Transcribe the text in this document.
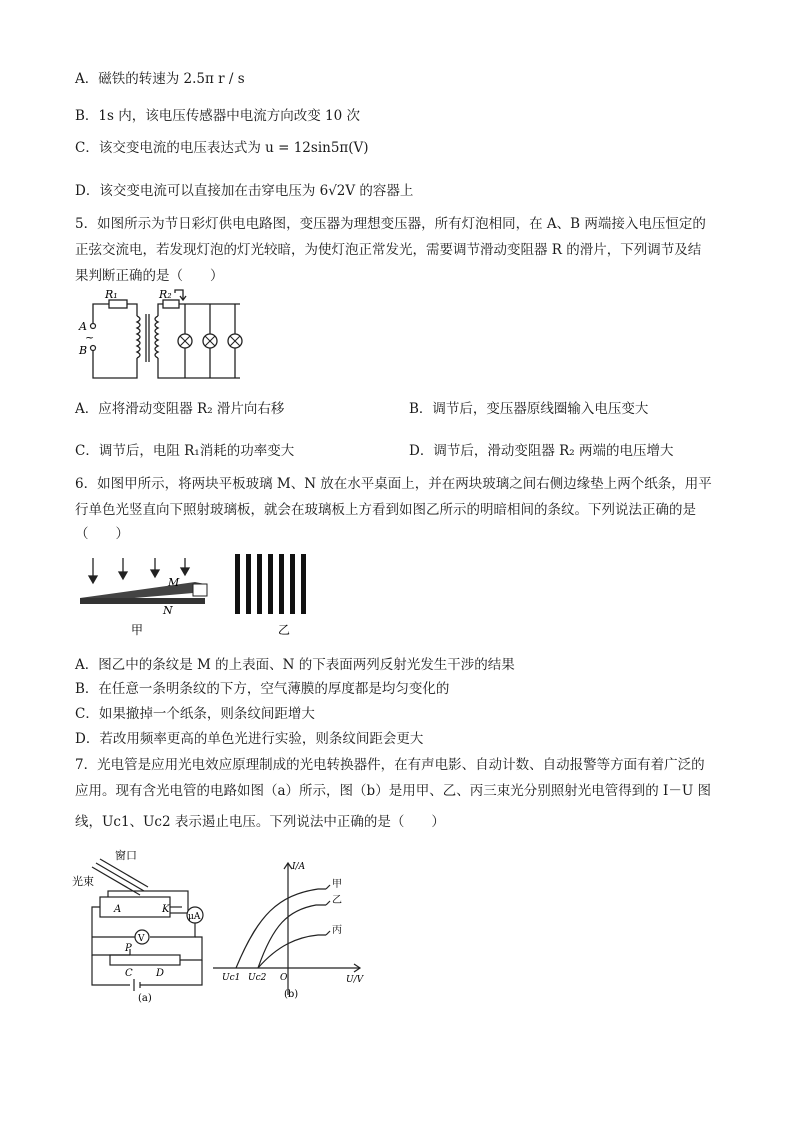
A．磁铁的转速为 2.5π r / s
B．1s 内，该电压传感器中电流方向改变 10 次
C．该交变电流的电压表达式为 u = 12sin5π(V)
D．该交变电流可以直接加在击穿电压为 6√2V 的容器上
5．如图所示为节日彩灯供电电路图，变压器为理想变压器，所有灯泡相同，在 A、B 两端接入电压恒定的
正弦交流电，若发现灯泡的灯光较暗，为使灯泡正常发光，需要调节滑动变阻器 R 的滑片，下列调节及结
果判断正确的是（　　）
R₁	R₂
A
~
B
A．应将滑动变阻器 R₂ 滑片向右移	B．调节后，变压器原线圈输入电压变大
C．调节后，电阻 R₁消耗的功率变大	D．调节后，滑动变阻器 R₂ 两端的电压增大
6．如图甲所示，将两块平板玻璃 M、N 放在水平桌面上，并在两块玻璃之间右侧边缘垫上两个纸条，用平
行单色光竖直向下照射玻璃板，就会在玻璃板上方看到如图乙所示的明暗相间的条纹。下列说法正确的是
（　　）
M
N
甲	乙
A．图乙中的条纹是 M 的上表面、N 的下表面两列反射光发生干涉的结果
B．在任意一条明条纹的下方，空气薄膜的厚度都是均匀变化的
C．如果撤掉一个纸条，则条纹间距增大
D．若改用频率更高的单色光进行实验，则条纹间距会更大
7．光电管是应用光电效应原理制成的光电转换器件，在有声电影、自动计数、自动报警等方面有着广泛的
应用。现有含光电管的电路如图（a）所示，图（b）是用甲、乙、丙三束光分别照射光电管得到的 I－U 图
线，Uc1、Uc2 表示遏止电压。下列说法中正确的是（　　）
窗口
光束
A	K
μA
V
P
C D
(a)
I/A
U/V
Uc1 Uc2 O
甲
乙
丙
(b)
